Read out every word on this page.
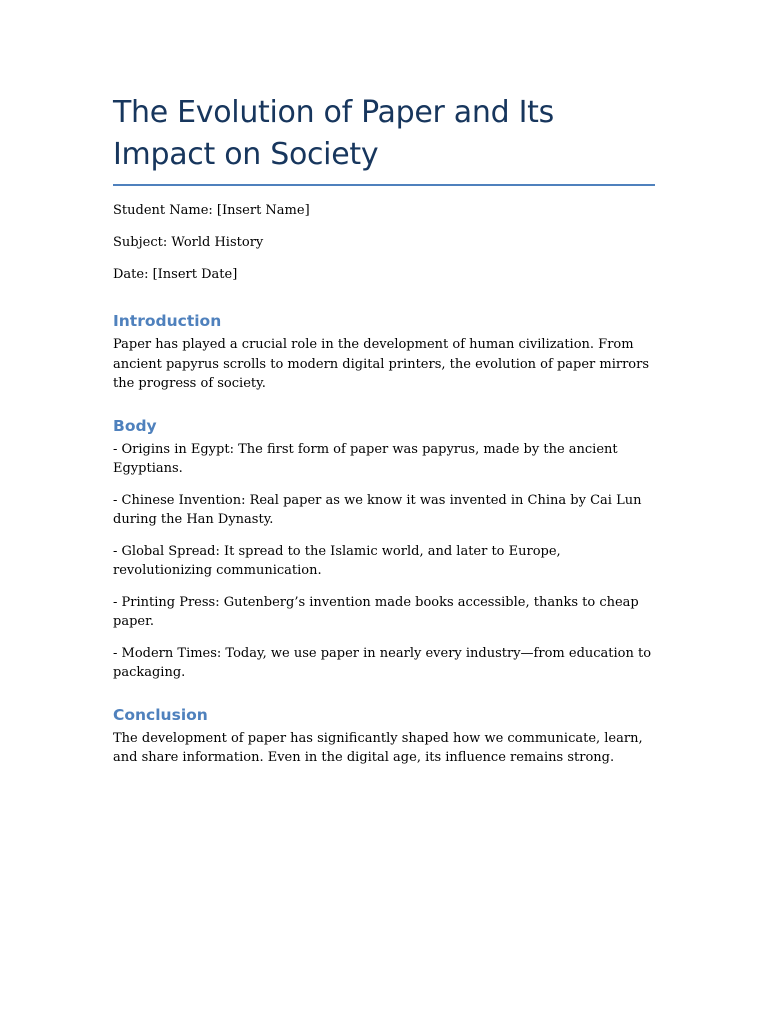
The Evolution of Paper and Its Impact on Society

Student Name: [Insert Name]

Subject: World History

Date: [Insert Date]

Introduction

Paper has played a crucial role in the development of human civilization. From ancient papyrus scrolls to modern digital printers, the evolution of paper mirrors the progress of society.

Body

- Origins in Egypt: The first form of paper was papyrus, made by the ancient Egyptians.

- Chinese Invention: Real paper as we know it was invented in China by Cai Lun during the Han Dynasty.

- Global Spread: It spread to the Islamic world, and later to Europe, revolutionizing communication.

- Printing Press: Gutenberg’s invention made books accessible, thanks to cheap paper.

- Modern Times: Today, we use paper in nearly every industry—from education to packaging.

Conclusion

The development of paper has significantly shaped how we communicate, learn, and share information. Even in the digital age, its influence remains strong.
